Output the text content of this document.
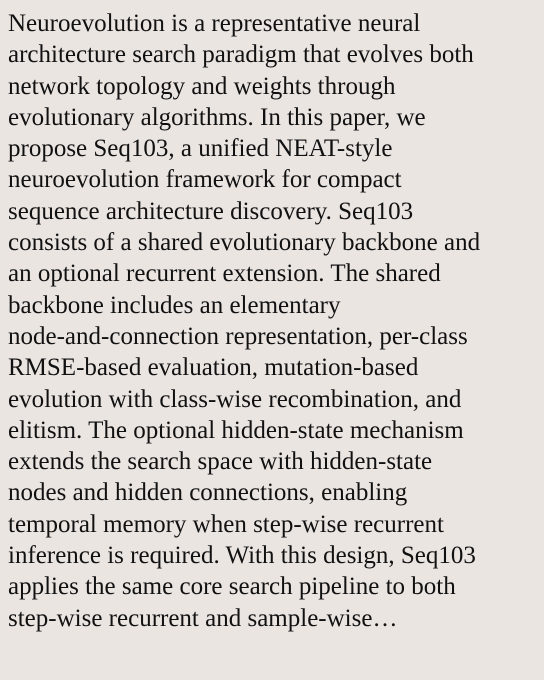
Neuroevolution is a representative neural
architecture search paradigm that evolves both
network topology and weights through
evolutionary algorithms. In this paper, we
propose Seq103, a unified NEAT-style
neuroevolution framework for compact
sequence architecture discovery. Seq103
consists of a shared evolutionary backbone and
an optional recurrent extension. The shared
backbone includes an elementary
node-and-connection representation, per-class
RMSE-based evaluation, mutation-based
evolution with class-wise recombination, and
elitism. The optional hidden-state mechanism
extends the search space with hidden-state
nodes and hidden connections, enabling
temporal memory when step-wise recurrent
inference is required. With this design, Seq103
applies the same core search pipeline to both
step-wise recurrent and sample-wise…
